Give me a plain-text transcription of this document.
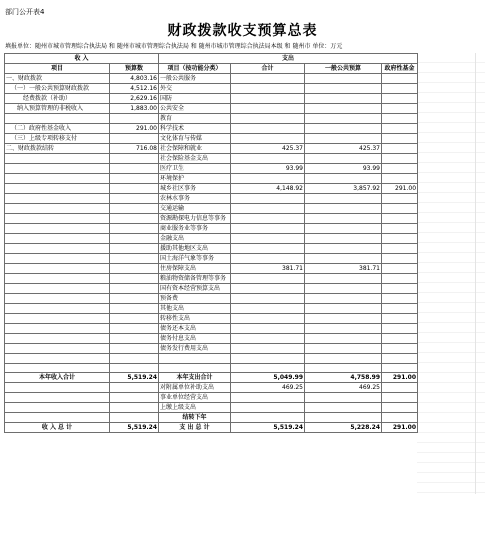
部门公开表4
财政拨款收支预算总表
填报单位：随州市城市管理综合执法局 和 随州市城市管理综合执法局 和 随州市城市管理综合执法局本级 和 随州市 单位：万元
收 入		支出			
项目	预算数	项目（按功能分类）	合计	一般公共预算	政府性基金
一、财政拨款	4,803.16	一般公共服务			
（一）一般公共预算财政拨款	4,512.16	外交			
经费拨款（补助）	2,629.16	国防			
纳入预算管理的非税收入	1,883.00	公共安全			
		教育			
（二）政府性基金收入	291.00	科学技术			
（三）上级专项转移支付		文化体育与传媒			
二、财政拨款结转	716.08	社会保障和就业	425.37	425.37	
		社会保险基金支出			
		医疗卫生	93.99	93.99	
		环境保护			
		城乡社区事务	4,148.92	3,857.92	291.00
		农林水事务			
		交通运输			
		资源勘探电力信息等事务			
		商业服务业等事务			
		金融支出			
		援助其他地区支出			
		国土海洋气象等事务			
		住房保障支出	381.71	381.71	
		粮油物资储备管理等事务			
		国有资本经营预算支出			
		预备费			
		其他支出			
		转移性支出			
		债务还本支出			
		债务付息支出			
		债务发行费用支出			

本年收入合计	5,519.24	本年支出合计	5,049.99	4,758.99	291.00
		对附属单位补助支出	469.25	469.25	
		事业单位经营支出			
		上缴上级支出			
		结转下年			
收 入 总 计	5,519.24	支 出 总 计	5,519.24	5,228.24	291.00
